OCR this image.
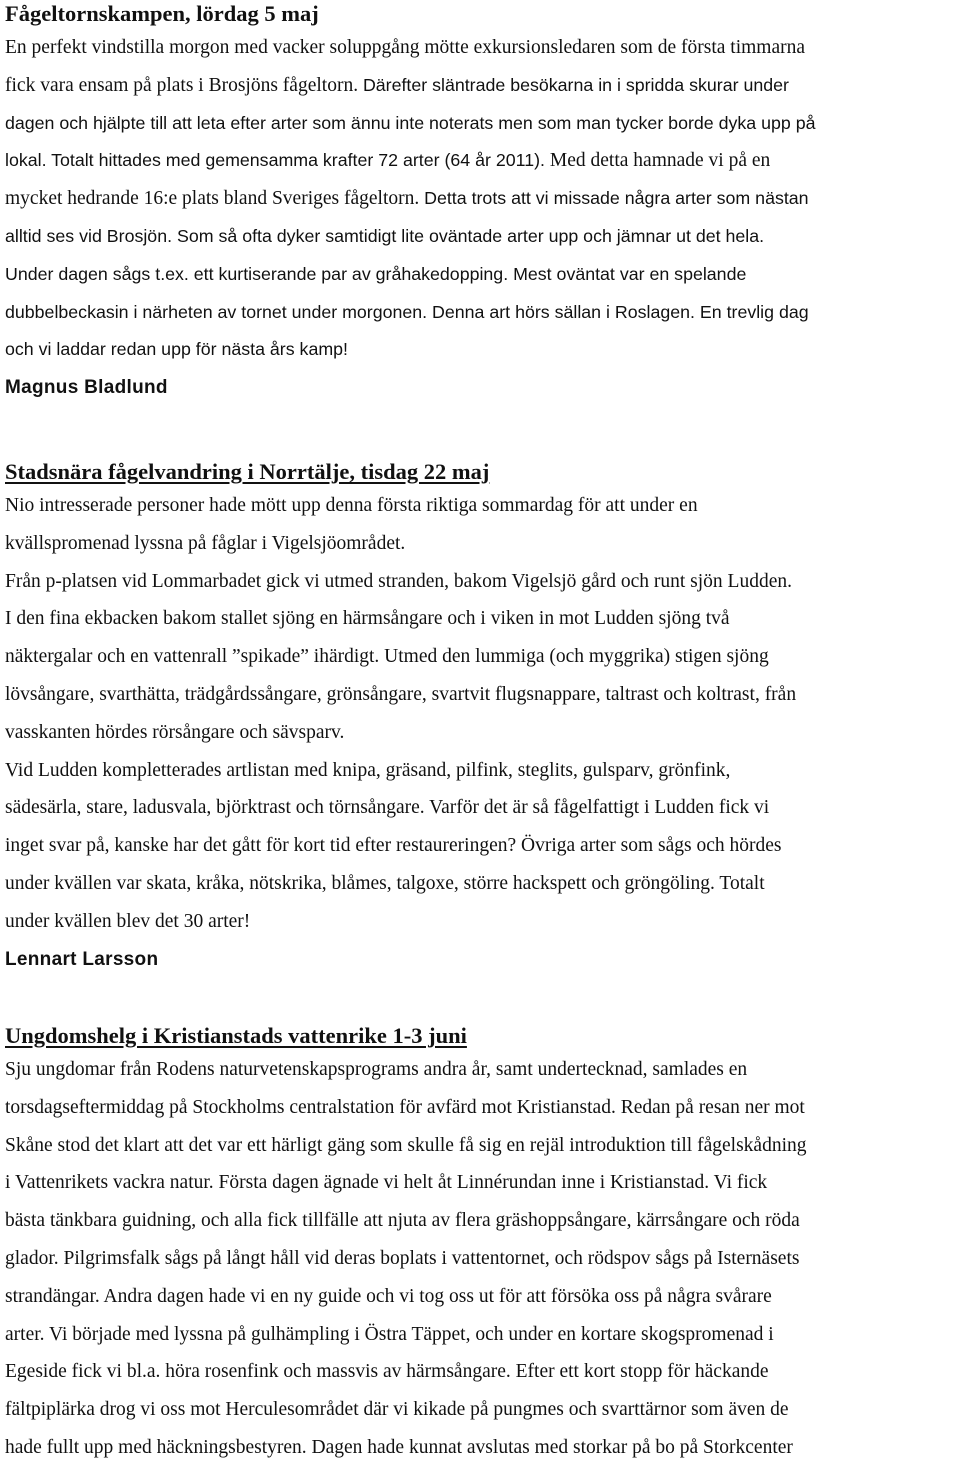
Fågeltornskampen, lördag 5 maj
En perfekt vindstilla morgon med vacker soluppgång mötte exkursionsledaren som de första timmarna
fick vara ensam på plats i Brosjöns fågeltorn. Därefter släntrade besökarna in i spridda skurar under
dagen och hjälpte till att leta efter arter som ännu inte noterats men som man tycker borde dyka upp på
lokal. Totalt hittades med gemensamma krafter 72 arter (64 år 2011). Med detta hamnade vi på en
mycket hedrande 16:e plats bland Sveriges fågeltorn. Detta trots att vi missade några arter som nästan
alltid ses vid Brosjön. Som så ofta dyker samtidigt lite oväntade arter upp och jämnar ut det hela.
Under dagen sågs t.ex. ett kurtiserande par av gråhakedopping. Mest oväntat var en spelande
dubbelbeckasin i närheten av tornet under morgonen. Denna art hörs sällan i Roslagen. En trevlig dag
och vi laddar redan upp för nästa års kamp!
Magnus Bladlund
Stadsnära fågelvandring i Norrtälje, tisdag 22 maj
Nio intresserade personer hade mött upp denna första riktiga sommardag för att under en
kvällspromenad lyssna på fåglar i Vigelsjöområdet.
Från p-platsen vid Lommarbadet gick vi utmed stranden, bakom Vigelsjö gård och runt sjön Ludden.
I den fina ekbacken bakom stallet sjöng en härmsångare och i viken in mot Ludden sjöng två
näktergalar och en vattenrall ”spikade” ihärdigt. Utmed den lummiga (och myggrika) stigen sjöng
lövsångare, svarthätta, trädgårdssångare, grönsångare, svartvit flugsnappare, taltrast och koltrast, från
vasskanten hördes rörsångare och sävsparv.
Vid Ludden kompletterades artlistan med knipa, gräsand, pilfink, steglits, gulsparv, grönfink,
sädesärla, stare, ladusvala, björktrast och törnsångare. Varför det är så fågelfattigt i Ludden fick vi
inget svar på, kanske har det gått för kort tid efter restaureringen? Övriga arter som sågs och hördes
under kvällen var skata, kråka, nötskrika, blåmes, talgoxe, större hackspett och gröngöling. Totalt
under kvällen blev det 30 arter!
Lennart Larsson
Ungdomshelg i Kristianstads vattenrike 1-3 juni
Sju ungdomar från Rodens naturvetenskapsprograms andra år, samt undertecknad, samlades en
torsdagseftermiddag på Stockholms centralstation för avfärd mot Kristianstad. Redan på resan ner mot
Skåne stod det klart att det var ett härligt gäng som skulle få sig en rejäl introduktion till fågelskådning
i Vattenrikets vackra natur. Första dagen ägnade vi helt åt Linnérundan inne i Kristianstad. Vi fick
bästa tänkbara guidning, och alla fick tillfälle att njuta av flera gräshoppsångare, kärrsångare och röda
glador. Pilgrimsfalk sågs på långt håll vid deras boplats i vattentornet, och rödspov sågs på Isternäsets
strandängar. Andra dagen hade vi en ny guide och vi tog oss ut för att försöka oss på några svårare
arter. Vi började med lyssna på gulhämpling i Östra Täppet, och under en kortare skogspromenad i
Egeside fick vi bl.a. höra rosenfink och massvis av härmsångare. Efter ett kort stopp för häckande
fältpiplärka drog vi oss mot Herculesområdet där vi kikade på pungmes och svarttärnor som även de
hade fullt upp med häckningsbestyren. Dagen hade kunnat avslutas med storkar på bo på Storkcenter
